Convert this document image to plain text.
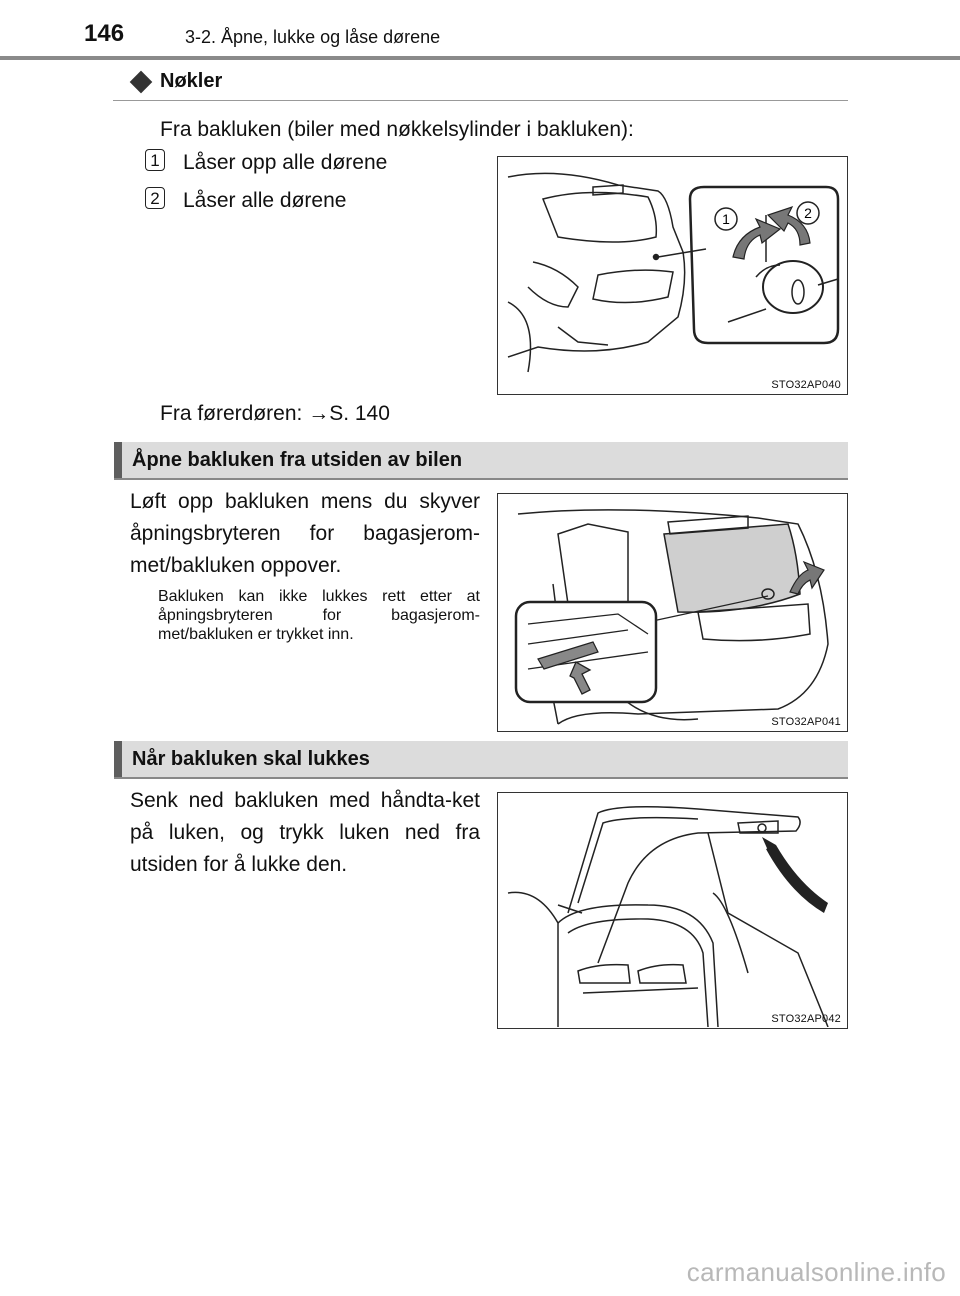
146	3-2. Åpne, lukke og låse dørene
Nøkler
Fra bakluken (biler med nøkkelsylinder i bakluken):
1 Låser opp alle dørene
2 Låser alle dørene
1	2
STO32AP040
Fra førerdøren: →S. 140
Åpne bakluken fra utsiden av bilen
Løft opp bakluken mens du skyver åpningsbryteren for bagasjerom-met/bakluken oppover.
Bakluken kan ikke lukkes rett etter at åpningsbryteren for bagasjerom-met/bakluken er trykket inn.
STO32AP041
Når bakluken skal lukkes
Senk ned bakluken med håndta-ket på luken, og trykk luken ned fra utsiden for å lukke den.
STO32AP042
carmanualsonline.info
